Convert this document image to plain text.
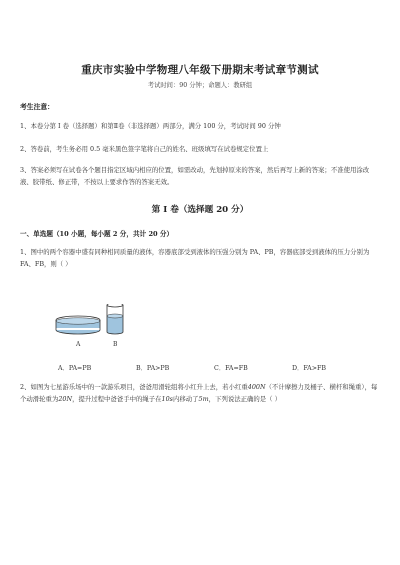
重庆市实验中学物理八年级下册期末考试章节测试
考试时间：90 分钟；命题人：教研组
考生注意：
1、本卷分第 I 卷（选择题）和第Ⅱ卷（非选择题）两部分，满分 100 分，考试时间 90 分钟
2、答卷前，考生务必用 0.5 毫米黑色签字笔将自己的姓名、班级填写在试卷规定位置上
3、答案必须写在试卷各个题目指定区域内相应的位置，如需改动，先划掉原来的答案，然后再写上新的答案；不准使用涂改液、胶带纸、修正带，不按以上要求作答的答案无效。
第 I 卷（选择题 20 分）
一、单选题（10 小题，每小题 2 分，共计 20 分）
1、图中的两个容器中盛有同种相同质量的液体，容器底部受到液体的压强分别为 PA、PB，容器底部受到液体的压力分别为 FA、FB，则（ ）
A	B
A．PA=PB	B．PA>PB	C．FA=FB	D．FA>FB
2、如图为七星游乐场中的一款游乐项目，爸爸用滑轮组将小红升上去，若小红重400N（不计摩擦力及桶子、横杆和绳重），每个动滑轮重为20N，提升过程中爸爸手中的绳子在10s内移动了5m，下列说法正确的是（ ）
